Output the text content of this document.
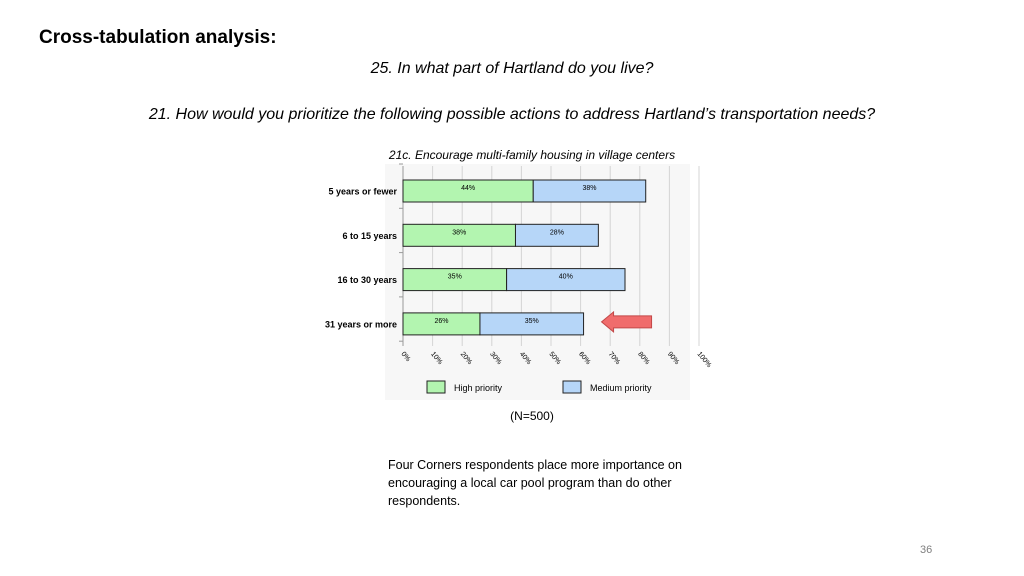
Cross-tabulation analysis:
25. In what part of Hartland do you live?
21. How would you prioritize the following possible actions to address Hartland’s transportation needs?
21c. Encourage multi-family housing in village centers
5 years or fewer	44%	38%
6 to 15 years	38%	28%
16 to 30 years	35%	40%
31 years or more	26%	35%
0%	10% 20% 30% 40% 50% 60% 70% 80% 90% 100%
High priority	Medium priority
(N=500)
Four Corners respondents place more importance on encouraging a local car pool program than do other respondents.
36
